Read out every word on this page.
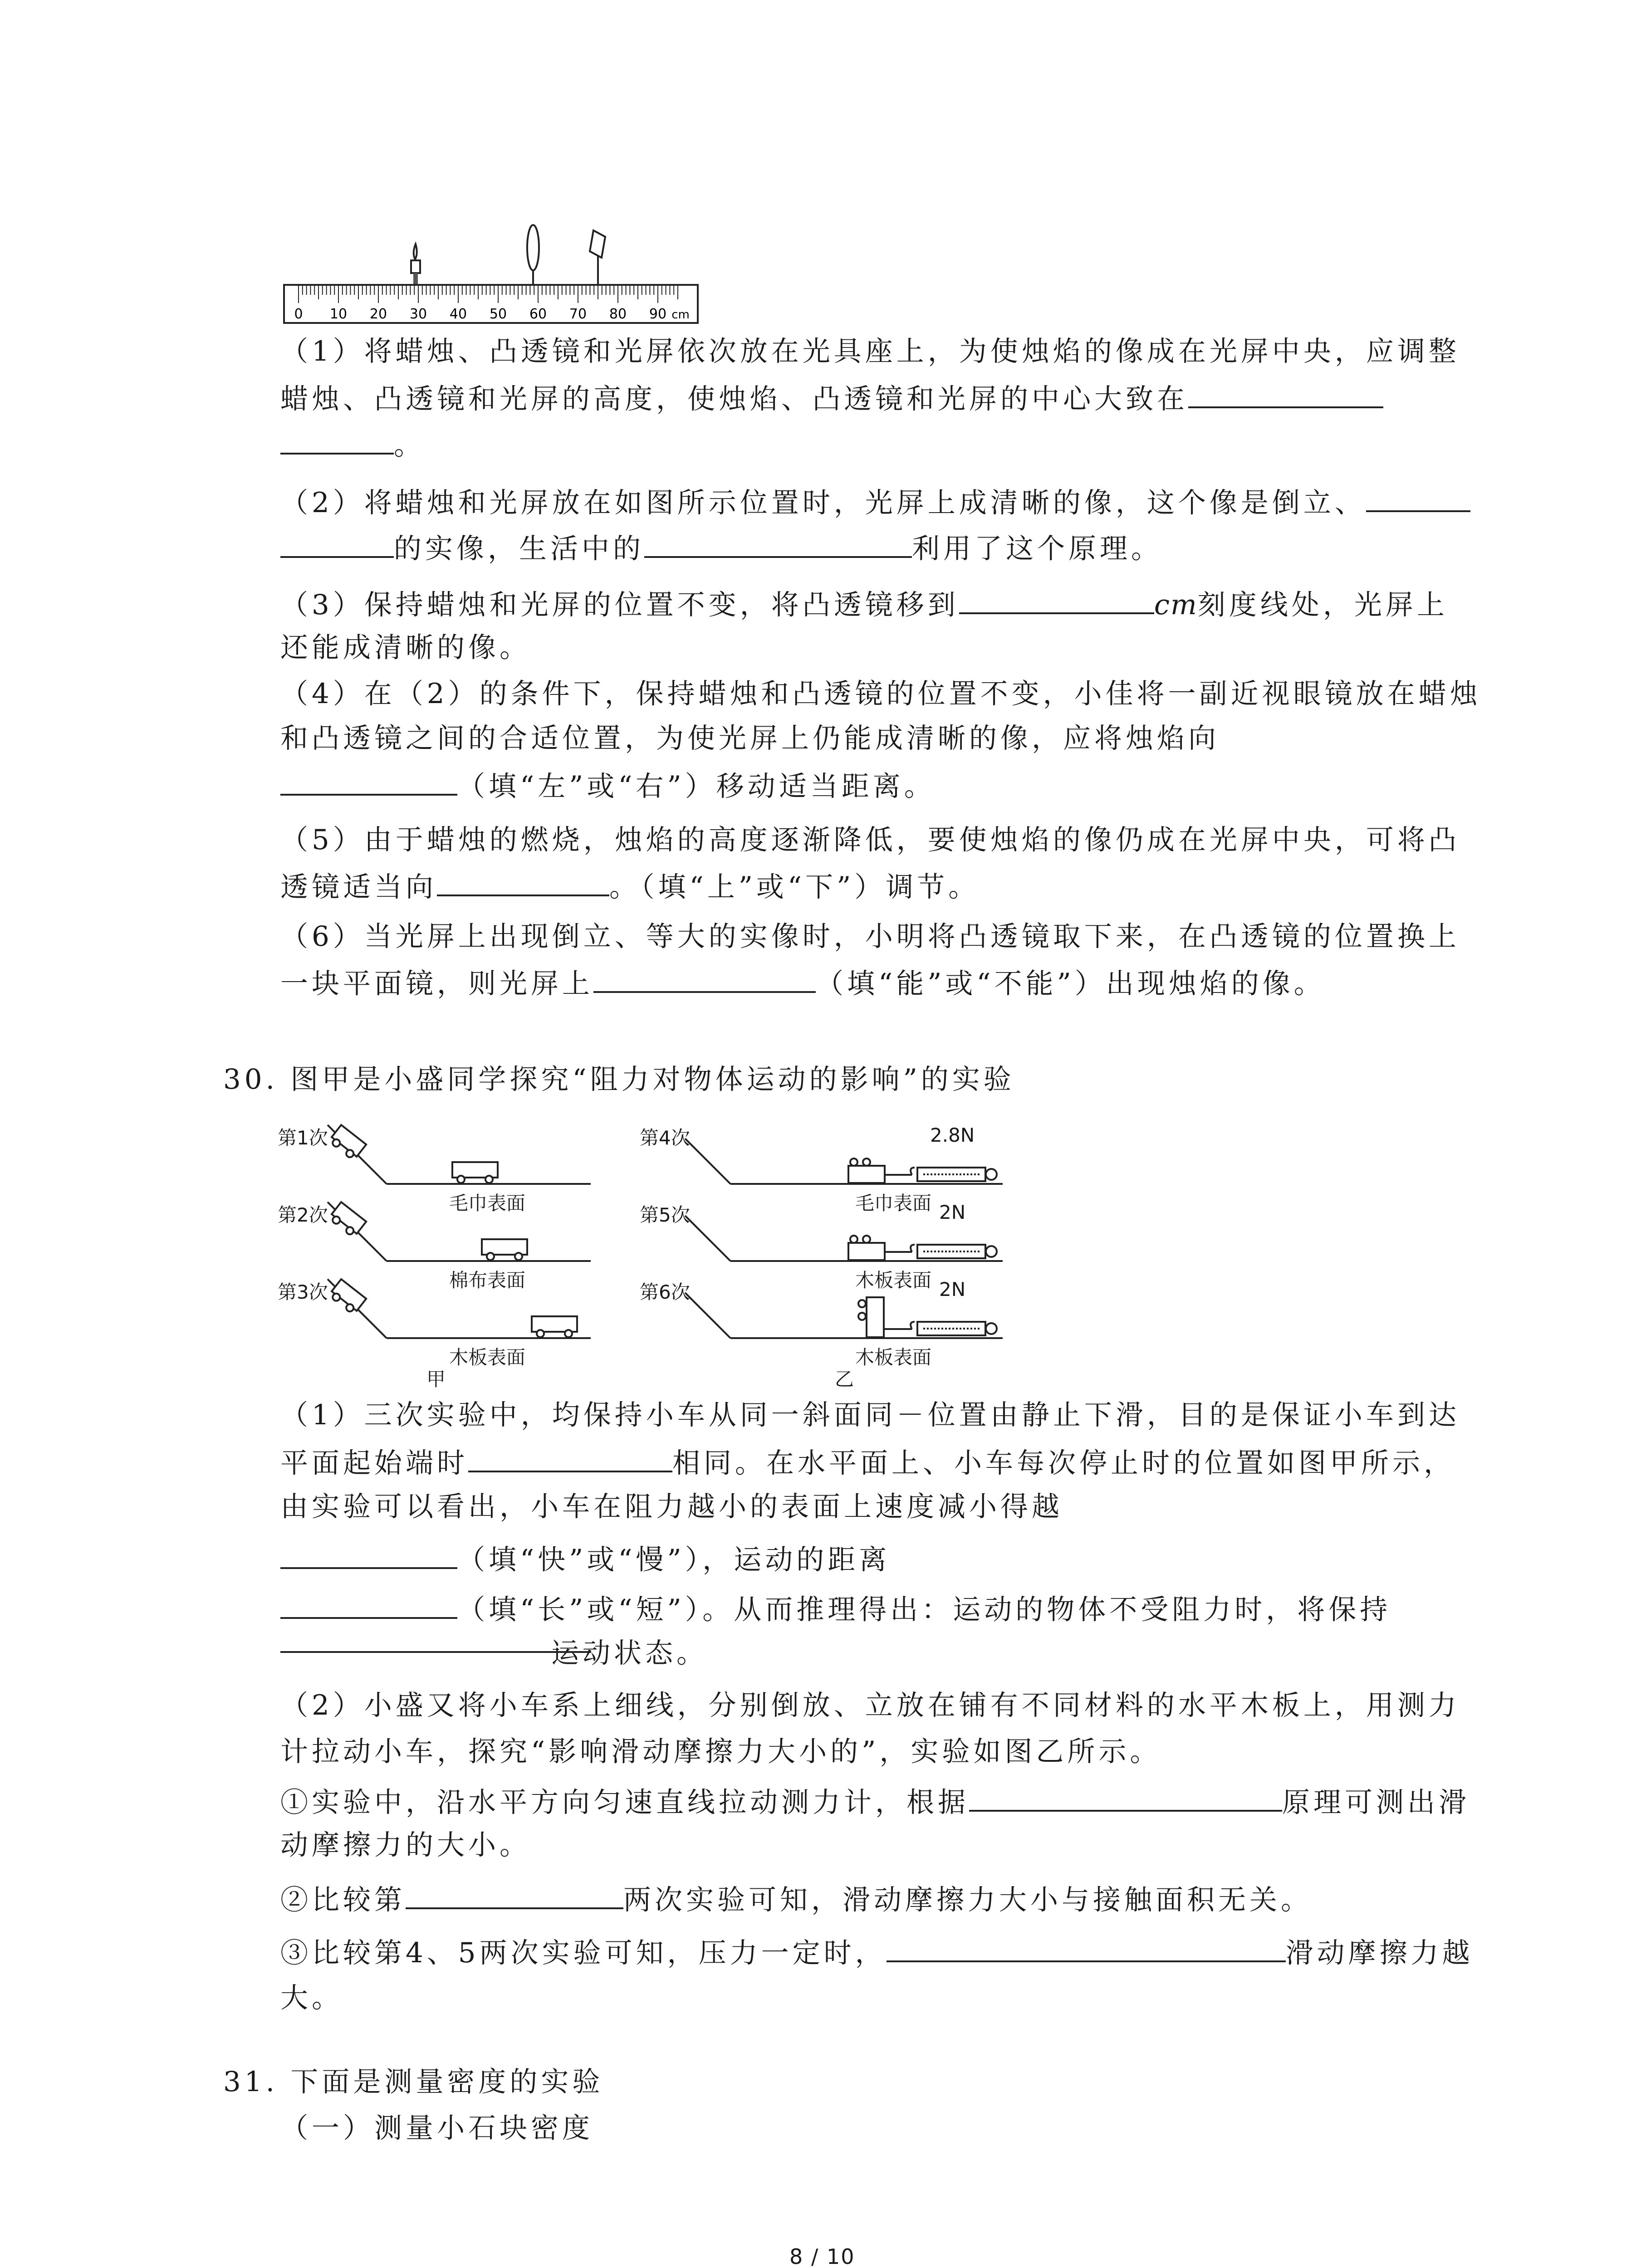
0 10 20 30 40 50 60 70 80 90 cm
（1）将蜡烛、凸透镜和光屏依次放在光具座上，为使烛焰的像成在光屏中央，应调整
蜡烛、凸透镜和光屏的高度，使烛焰、凸透镜和光屏的中心大致在
。
（2）将蜡烛和光屏放在如图所示位置时，光屏上成清晰的像，这个像是倒立、
的实像，生活中的	利用了这个原理。
（3）保持蜡烛和光屏的位置不变，将凸透镜移到	cm刻度线处，光屏上
还能成清晰的像。
（4）在（2）的条件下，保持蜡烛和凸透镜的位置不变，小佳将一副近视眼镜放在蜡烛
和凸透镜之间的合适位置，为使光屏上仍能成清晰的像，应将烛焰向
（填“左”或“右”）移动适当距离。
（5）由于蜡烛的燃烧，烛焰的高度逐渐降低，要使烛焰的像仍成在光屏中央，可将凸
透镜适当向	。（填“上”或“下”）调节。
（6）当光屏上出现倒立、等大的实像时，小明将凸透镜取下来，在凸透镜的位置换上
一块平面镜，则光屏上	（填“能”或“不能”）出现烛焰的像。
30. 图甲是小盛同学探究“阻力对物体运动的影响”的实验
第1次
毛巾表面
第2次
棉布表面
第3次
木板表面
甲
第4次	2.8N
毛巾表面
第5次	2N
木板表面
第6次	2N
木板表面
乙
（1）三次实验中，均保持小车从同一斜面同－位置由静止下滑，目的是保证小车到达
平面起始端时	相同。在水平面上、小车每次停止时的位置如图甲所示，
由实验可以看出，小车在阻力越小的表面上速度减小得越
（填“快”或“慢”），运动的距离
（填“长”或“短”）。从而推理得出：运动的物体不受阻力时，将保持
运动状态。
（2）小盛又将小车系上细线，分别倒放、立放在铺有不同材料的水平木板上，用测力
计拉动小车，探究“影响滑动摩擦力大小的”，实验如图乙所示。
①实验中，沿水平方向匀速直线拉动测力计，根据	原理可测出滑
动摩擦力的大小。
②比较第	两次实验可知，滑动摩擦力大小与接触面积无关。
③比较第4、5两次实验可知，压力一定时，	滑动摩擦力越
大。
31. 下面是测量密度的实验
（一）测量小石块密度
8 / 10
